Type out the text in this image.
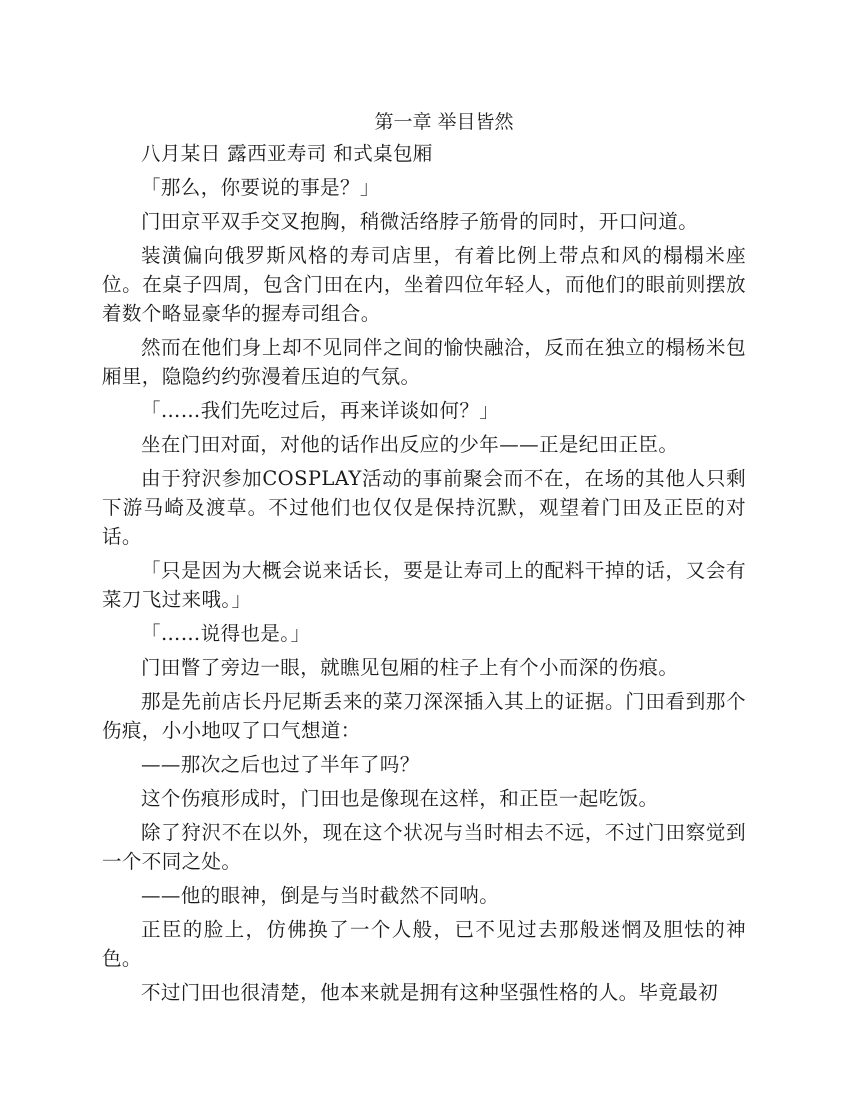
第一章 举目皆然

八月某日 露西亚寿司 和式桌包厢

「那么，你要说的事是？」

门田京平双手交叉抱胸，稍微活络脖子筋骨的同时，开口问道。

装潢偏向俄罗斯风格的寿司店里，有着比例上带点和风的榻榻米座位。在桌子四周，包含门田在内，坐着四位年轻人，而他们的眼前则摆放着数个略显豪华的握寿司组合。

然而在他们身上却不见同伴之间的愉快融洽，反而在独立的榻杨米包厢里，隐隐约约弥漫着压迫的气氛。

「……我们先吃过后，再来详谈如何？」

坐在门田对面，对他的话作出反应的少年——正是纪田正臣。

由于狩沢参加COSPLAY活动的事前聚会而不在，在场的其他人只剩下游马崎及渡草。不过他们也仅仅是保持沉默，观望着门田及正臣的对话。

「只是因为大概会说来话长，要是让寿司上的配料干掉的话，又会有菜刀飞过来哦。」

「……说得也是。」

门田瞥了旁边一眼，就瞧见包厢的柱子上有个小而深的伤痕。

那是先前店长丹尼斯丢来的菜刀深深插入其上的证据。门田看到那个伤痕，小小地叹了口气想道：

——那次之后也过了半年了吗？

这个伤痕形成时，门田也是像现在这样，和正臣一起吃饭。

除了狩沢不在以外，现在这个状况与当时相去不远，不过门田察觉到一个不同之处。

——他的眼神，倒是与当时截然不同呐。

正臣的脸上，仿佛换了一个人般，已不见过去那般迷惘及胆怯的神色。

不过门田也很清楚，他本来就是拥有这种坚强性格的人。毕竟最初
